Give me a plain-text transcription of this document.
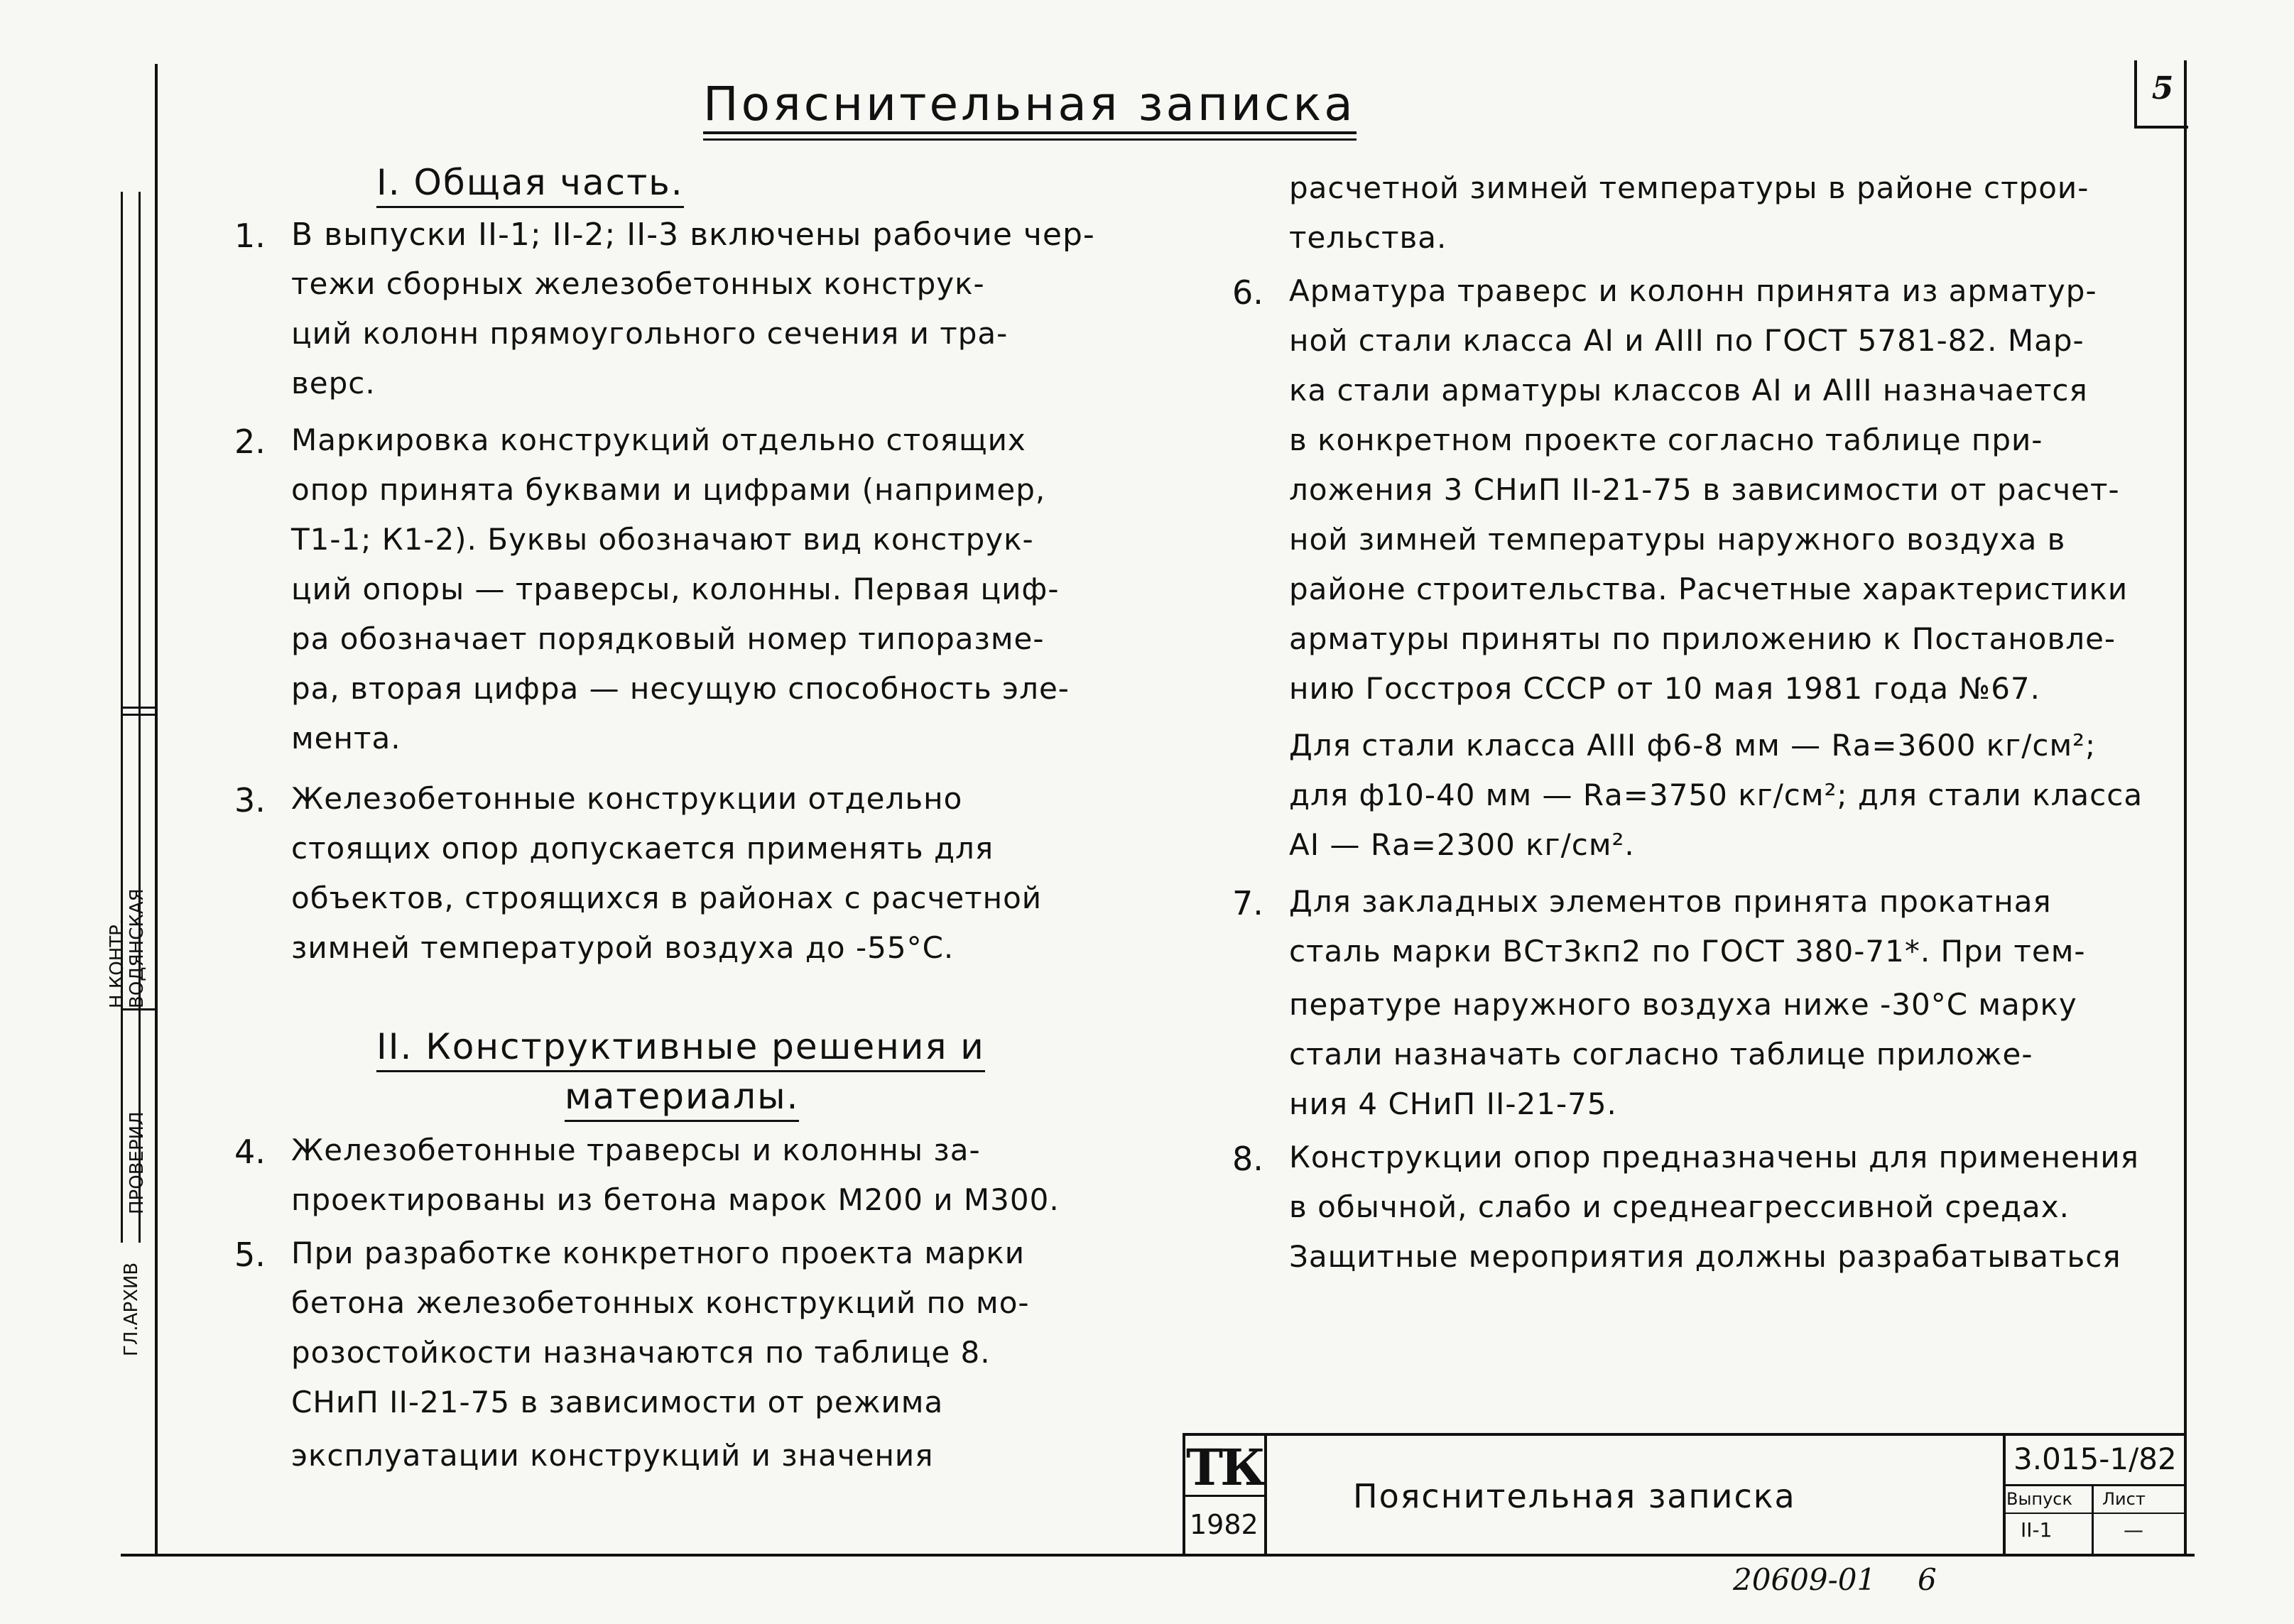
ПРОВЕРИЛ
ВОДЯНСКАЯ
Н.КОНТР.
ГЛ.АРХИВ
Пояснительная записка	5
I. Общая часть.
1. В выпуски II-1; II-2; II-3 включены рабочие чер-
тежи сборных железобетонных конструк-
ций колонн прямоугольного сечения и тра-
верс.
2. Маркировка конструкций отдельно стоящих
опор принята буквами и цифрами (например,
Т1-1; К1-2). Буквы обозначают вид конструк-
ций опоры — траверсы, колонны. Первая циф-
ра обозначает порядковый номер типоразме-
ра, вторая цифра — несущую способность эле-
мента.
3. Железобетонные конструкции отдельно
стоящих опор допускается применять для
объектов, строящихся в районах с расчетной
зимней температурой воздуха до -55°С.
II. Конструктивные решения и
материалы.
4. Железобетонные траверсы и колонны за-
проектированы из бетона марок М200 и М300.
5. При разработке конкретного проекта марки
бетона железобетонных конструкций по мо-
розостойкости назначаются по таблице 8.
СНиП II-21-75 в зависимости от режима
эксплуатации конструкций и значения
расчетной зимней температуры в районе строи-
тельства.
6. Арматура траверс и колонн принята из арматур-
ной стали класса АI и АIII по ГОСТ 5781-82. Мар-
ка стали арматуры классов АI и АIII назначается
в конкретном проекте согласно таблице при-
ложения 3 СНиП II-21-75 в зависимости от расчет-
ной зимней температуры наружного воздуха в
районе строительства. Расчетные характеристики
арматуры приняты по приложению к Постановле-
нию Госстроя СССР от 10 мая 1981 года №67.
Для стали класса АIII ф6-8 мм — Rа=3600 кг/см²;
для ф10-40 мм — Rа=3750 кг/см²; для стали класса
АI — Rа=2300 кг/см².
7. Для закладных элементов принята прокатная
сталь марки ВСт3кп2 по ГОСТ 380-71*. При тем-
пературе наружного воздуха ниже -30°С марку
стали назначать согласно таблице приложе-
ния 4 СНиП II-21-75.
8. Конструкции опор предназначены для применения
в обычной, слабо и среднеагрессивной средах.
Защитные мероприятия должны разрабатываться
ТК
1982
Пояснительная записка
3.015-1/82
Выпуск Лист
II-1	—
20609-01 6
